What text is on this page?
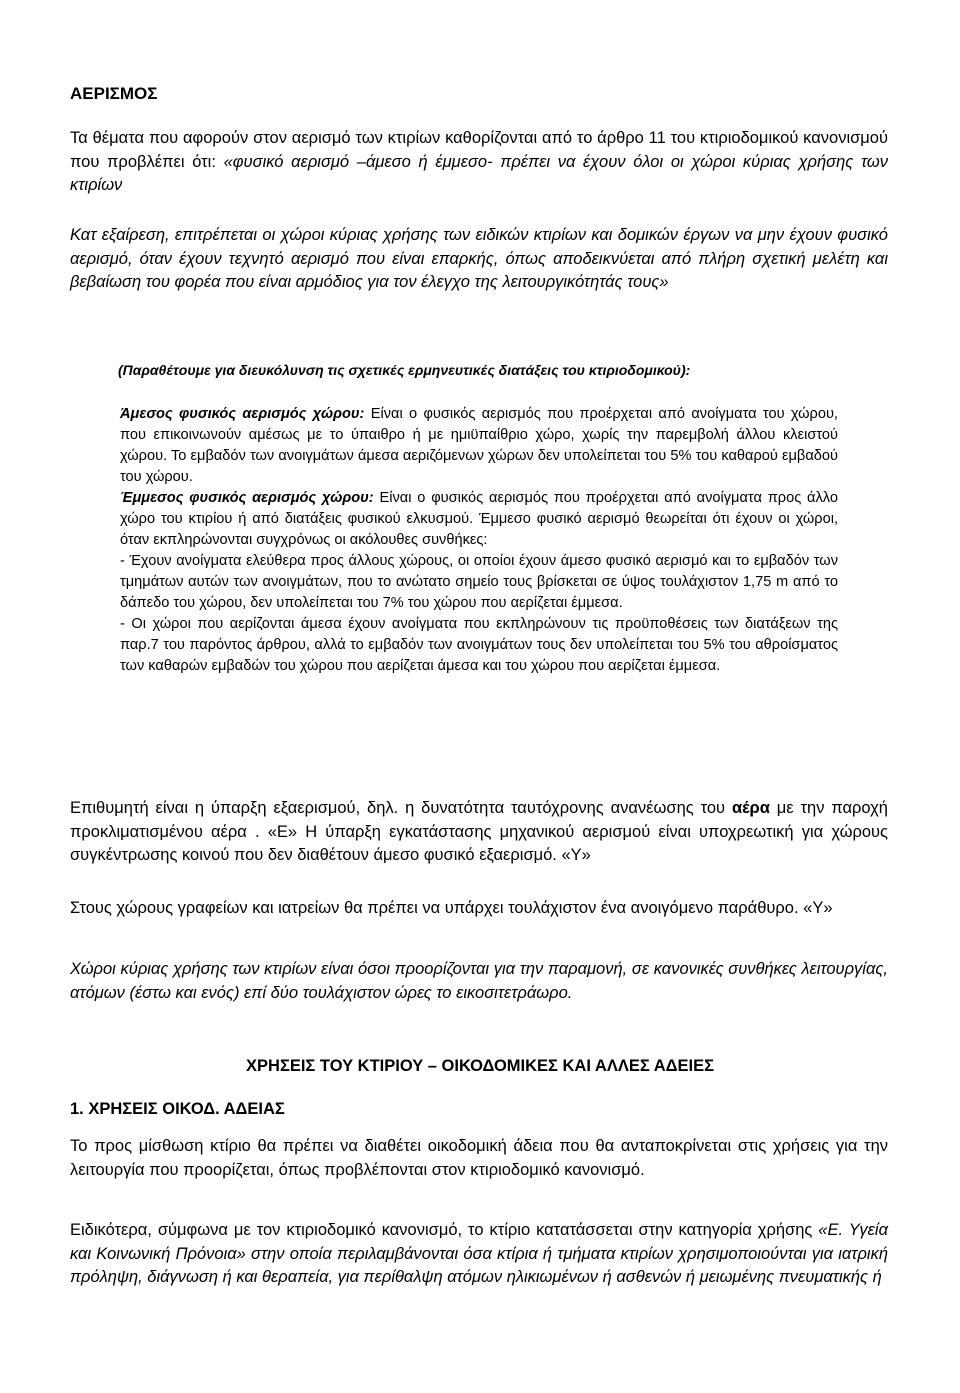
ΑΕΡΙΣΜΟΣ

Τα θέματα που αφορούν στον αερισμό των κτιρίων καθορίζονται από το άρθρο 11 του κτιριοδομικού κανονισμού που προβλέπει ότι: «φυσικό αερισμό –άμεσο ή έμμεσο- πρέπει να έχουν όλοι οι χώροι κύριας χρήσης των κτιρίων

Κατ εξαίρεση, επιτρέπεται οι χώροι κύριας χρήσης των ειδικών κτιρίων και δομικών έργων να μην έχουν φυσικό αερισμό, όταν έχουν τεχνητό αερισμό που είναι επαρκής, όπως αποδεικνύεται από πλήρη σχετική μελέτη και βεβαίωση του φορέα που είναι αρμόδιος για τον έλεγχο της λειτουργικότητάς τους»

(Παραθέτουμε για διευκόλυνση τις σχετικές ερμηνευτικές διατάξεις του κτιριοδομικού):

Άμεσος φυσικός αερισμός χώρου: Είναι ο φυσικός αερισμός που προέρχεται από ανοίγματα του χώρου, που επικοινωνούν αμέσως με το ύπαιθρο ή με ημιϋπαίθριο χώρο, χωρίς την παρεμβολή άλλου κλειστού χώρου. Το εμβαδόν των ανοιγμάτων άμεσα αεριζόμενων χώρων δεν υπολείπεται του 5% του καθαρού εμβαδού του χώρου.
Έμμεσος φυσικός αερισμός χώρου: Είναι ο φυσικός αερισμός που προέρχεται από ανοίγματα προς άλλο χώρο του κτιρίου ή από διατάξεις φυσικού ελκυσμού. Έμμεσο φυσικό αερισμό θεωρείται ότι έχουν οι χώροι, όταν εκπληρώνονται συγχρόνως οι ακόλουθες συνθήκες:
- Έχουν ανοίγματα ελεύθερα προς άλλους χώρους, οι οποίοι έχουν άμεσο φυσικό αερισμό και το εμβαδόν των τμημάτων αυτών των ανοιγμάτων, που το ανώτατο σημείο τους βρίσκεται σε ύψος τουλάχιστον 1,75 m από το δάπεδο του χώρου, δεν υπολείπεται του 7% του χώρου που αερίζεται έμμεσα.
- Οι χώροι που αερίζονται άμεσα έχουν ανοίγματα που εκπληρώνουν τις προϋποθέσεις των διατάξεων της παρ.7 του παρόντος άρθρου, αλλά το εμβαδόν των ανοιγμάτων τους δεν υπολείπεται του 5% του αθροίσματος των καθαρών εμβαδών του χώρου που αερίζεται άμεσα και του χώρου που αερίζεται έμμεσα.

Επιθυμητή είναι η ύπαρξη εξαερισμού, δηλ. η δυνατότητα ταυτόχρονης ανανέωσης του αέρα με την παροχή προκλιματισμένου αέρα . «Ε» Η ύπαρξη εγκατάστασης μηχανικού αερισμού είναι υποχρεωτική για χώρους συγκέντρωσης κοινού που δεν διαθέτουν άμεσο φυσικό εξαερισμό. «Υ»

Στους χώρους γραφείων και ιατρείων θα πρέπει να υπάρχει τουλάχιστον ένα ανοιγόμενο παράθυρο. «Υ»

Χώροι κύριας χρήσης των κτιρίων είναι όσοι προορίζονται για την παραμονή, σε κανονικές συνθήκες λειτουργίας, ατόμων (έστω και ενός) επί δύο τουλάχιστον ώρες το εικοσιτετράωρο.

ΧΡΗΣΕΙΣ ΤΟΥ ΚΤΙΡΙΟΥ – ΟΙΚΟΔΟΜΙΚΕΣ ΚΑΙ ΑΛΛΕΣ ΑΔΕΙΕΣ
1. ΧΡΗΣΕΙΣ ΟΙΚΟΔ. ΑΔΕΙΑΣ

Το προς μίσθωση κτίριο θα πρέπει να διαθέτει οικοδομική άδεια που θα ανταποκρίνεται στις χρήσεις για την λειτουργία που προορίζεται, όπως προβλέπονται στον κτιριοδομικό κανονισμό.

Ειδικότερα, σύμφωνα με τον κτιριοδομικό κανονισμό, το κτίριο κατατάσσεται στην κατηγορία χρήσης «Ε. Υγεία και Κοινωνική Πρόνοια» στην οποία περιλαμβάνονται όσα κτίρια ή τμήματα κτιρίων χρησιμοποιούνται για ιατρική πρόληψη, διάγνωση ή και θεραπεία, για περίθαλψη ατόμων ηλικιωμένων ή ασθενών ή μειωμένης πνευματικής ή
